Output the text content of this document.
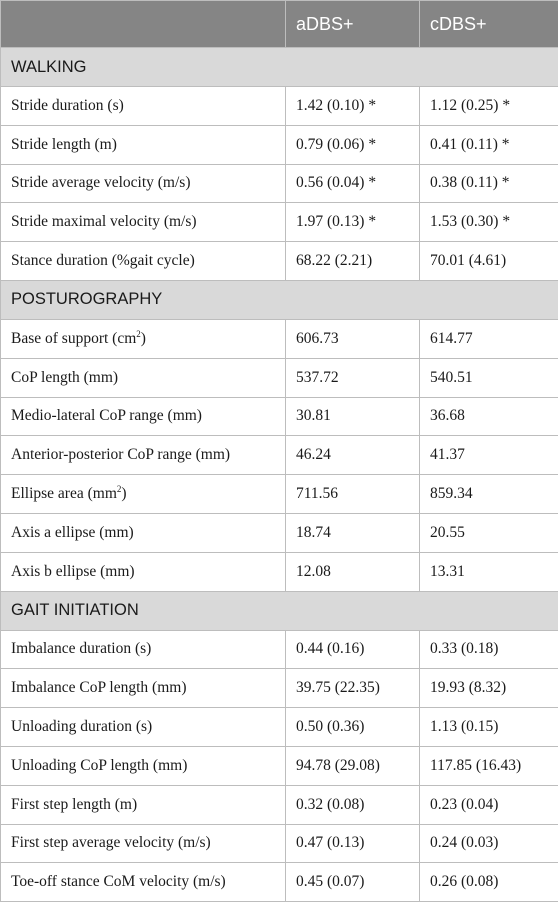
	aDBS+	cDBS+
WALKING		
Stride duration (s)	1.42 (0.10) *	1.12 (0.25) *
Stride length (m)	0.79 (0.06) *	0.41 (0.11) *
Stride average velocity (m/s)	0.56 (0.04) *	0.38 (0.11) *
Stride maximal velocity (m/s)	1.97 (0.13) *	1.53 (0.30) *
Stance duration (%gait cycle)	68.22 (2.21)	70.01 (4.61)
POSTUROGRAPHY		
Base of support $(cm^2)$	606.73	614.77
CoP length (mm)	537.72	540.51
Medio-lateral CoP range (mm)	30.81	36.68
Anterior-posterior CoP range (mm)	46.24	41.37
Ellipse area $(mm^2)$	711.56	859.34
Axis a ellipse (mm)	18.74	20.55
Axis b ellipse (mm)	12.08	13.31
GAIT INITIATION		
Imbalance duration (s)	0.44 (0.16)	0.33 (0.18)
Imbalance CoP length (mm)	39.75 (22.35)	19.93 (8.32)
Unloading duration (s)	0.50 (0.36)	1.13 (0.15)
Unloading CoP length (mm)	94.78 (29.08)	117.85 (16.43)
First step length (m)	0.32 (0.08)	0.23 (0.04)
First step average velocity (m/s)	0.47 (0.13)	0.24 (0.03)
Toe-off stance CoM velocity (m/s)	0.45 (0.07)	0.26 (0.08)
